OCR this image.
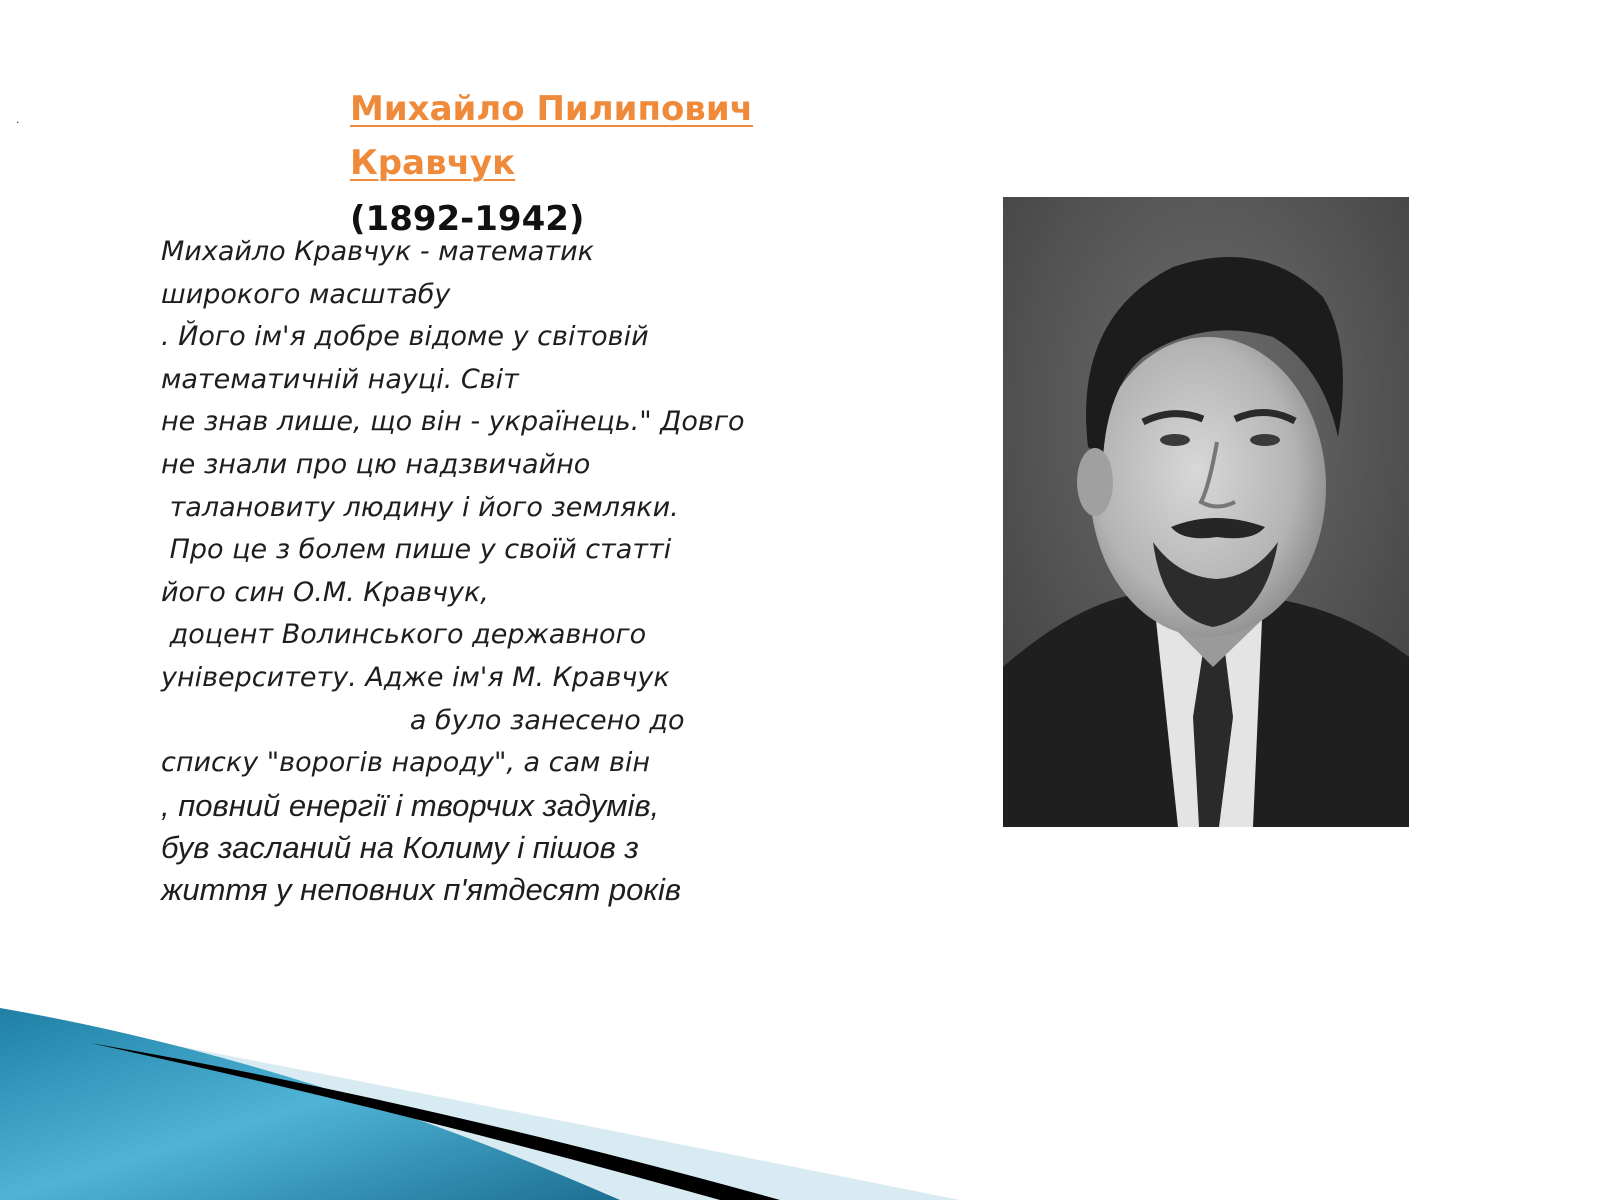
.	Михайло Пилипович
Кравчук
(1892-1942)
Михайло Кравчук - математик
широкого масштабу
. Його ім'я добре відоме у світовій
математичній науці. Світ
не знав лише, що він - українець." Довго
не знали про цю надзвичайно
талановиту людину і його земляки.
Про це з болем пише у своїй статті
його син О.М. Кравчук,
доцент Волинського державного
університету. Адже ім'я М. Кравчук
а було занесено до
списку "ворогів народу", а сам він
, повний енергії і творчих задумів,
був засланий на Колиму і пішов з
життя у неповних п'ятдесят років
